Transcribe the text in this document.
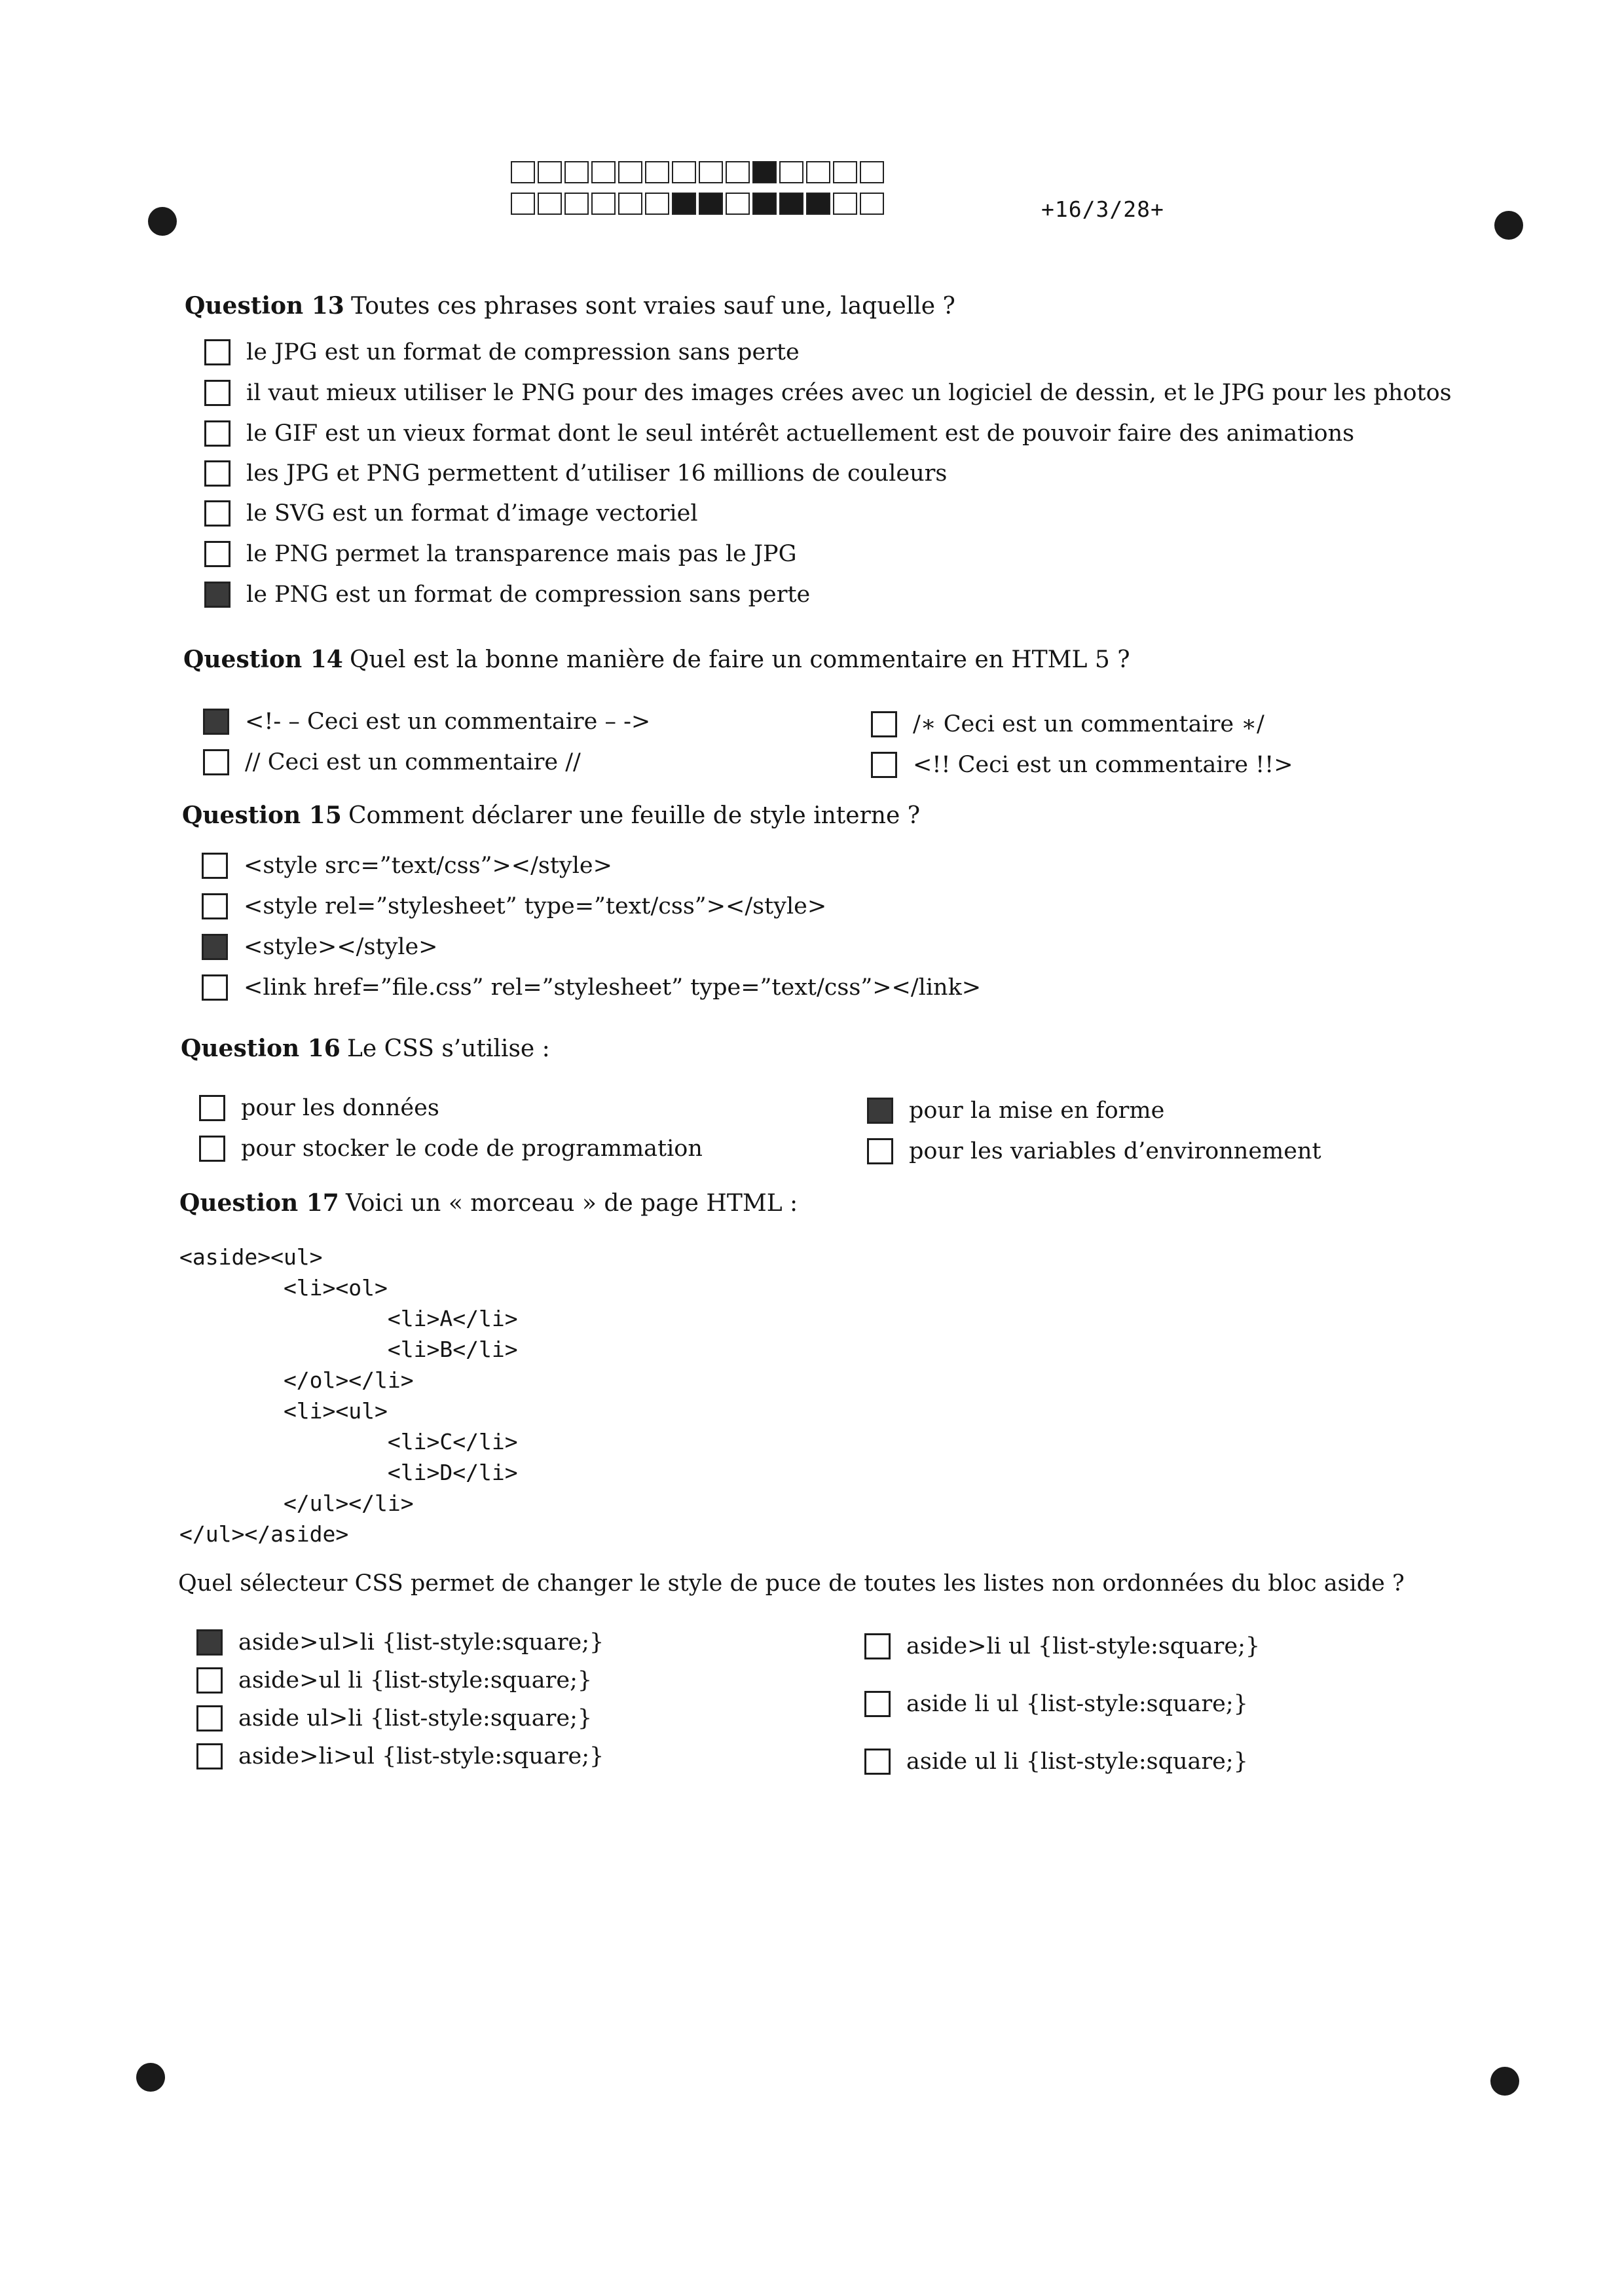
+16/3/28+
Question 13 Toutes ces phrases sont vraies sauf une, laquelle ?
le JPG est un format de compression sans perte
il vaut mieux utiliser le PNG pour des images crées avec un logiciel de dessin, et le JPG pour les photos
le GIF est un vieux format dont le seul intérêt actuellement est de pouvoir faire des animations
les JPG et PNG permettent d’utiliser 16 millions de couleurs
le SVG est un format d’image vectoriel
le PNG permet la transparence mais pas le JPG
le PNG est un format de compression sans perte
Question 14 Quel est la bonne manière de faire un commentaire en HTML 5 ?
<!- – Ceci est un commentaire – ->
// Ceci est un commentaire //
/∗ Ceci est un commentaire ∗/
<!! Ceci est un commentaire !!>
Question 15 Comment déclarer une feuille de style interne ?
<style src=”text/css”></style>
<style rel=”stylesheet” type=”text/css”></style>
<style></style>
<link href=”file.css” rel=”stylesheet” type=”text/css”></link>
Question 16 Le CSS s’utilise :
pour les données
pour stocker le code de programmation
pour la mise en forme
pour les variables d’environnement
Question 17 Voici un « morceau » de page HTML :
<aside><ul>
<li><ol>
<li>A</li>
<li>B</li>
</ol></li>
<li><ul>
<li>C</li>
<li>D</li>
</ul></li>
</ul></aside>
Quel sélecteur CSS permet de changer le style de puce de toutes les listes non ordonnées du bloc aside ?
aside>ul>li {list-style:square;}
aside>ul li {list-style:square;}
aside ul>li {list-style:square;}
aside>li>ul {list-style:square;}
aside>li ul {list-style:square;}
aside li ul {list-style:square;}
aside ul li {list-style:square;}
